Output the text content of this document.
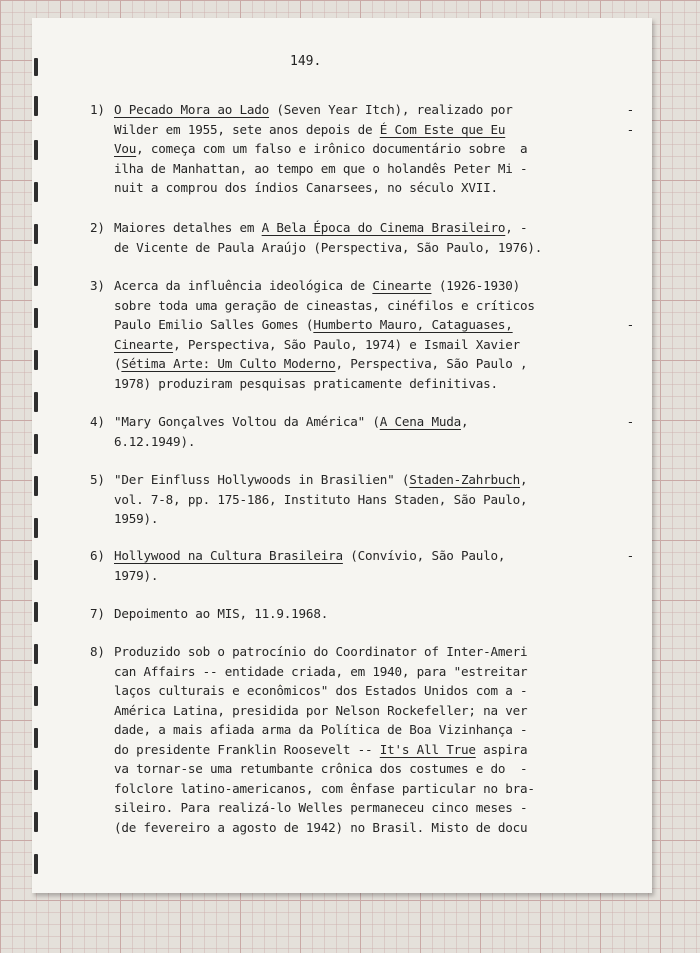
149.
1) O Pecado Mora ao Lado (Seven Year Itch), realizado por	-
Wilder em 1955, sete anos depois de É Com Este que Eu	-
Vou, começa com um falso e irônico documentário sobre  a
ilha de Manhattan, ao tempo em que o holandês Peter Mi -
nuit a comprou dos índios Canarsees, no século XVII.
2) Maiores detalhes em A Bela Época do Cinema Brasileiro, -
de Vicente de Paula Araújo (Perspectiva, São Paulo, 1976).
3) Acerca da influência ideológica de Cinearte (1926-1930)
sobre toda uma geração de cineastas, cinéfilos e críticos
Paulo Emilio Salles Gomes (Humberto Mauro, Cataguases,	-
Cinearte, Perspectiva, São Paulo, 1974) e Ismail Xavier
(Sétima Arte: Um Culto Moderno, Perspectiva, São Paulo ,
1978) produziram pesquisas praticamente definitivas.
4) "Mary Gonçalves Voltou da América" (A Cena Muda,	-
6.12.1949).
5) "Der Einfluss Hollywoods in Brasilien" (Staden-Zahrbuch,
vol. 7-8, pp. 175-186, Instituto Hans Staden, São Paulo,
1959).
6) Hollywood na Cultura Brasileira (Convívio, São Paulo,	-
1979).
7) Depoimento ao MIS, 11.9.1968.
8) Produzido sob o patrocínio do Coordinator of Inter-Ameri
can Affairs -- entidade criada, em 1940, para "estreitar
laços culturais e econômicos" dos Estados Unidos com a -
América Latina, presidida por Nelson Rockefeller; na ver
dade, a mais afiada arma da Política de Boa Vizinhança -
do presidente Franklin Roosevelt -- It's All True aspira
va tornar-se uma retumbante crônica dos costumes e do  -
folclore latino-americanos, com ênfase particular no bra-
sileiro. Para realizá-lo Welles permaneceu cinco meses -
(de fevereiro a agosto de 1942) no Brasil. Misto de docu
